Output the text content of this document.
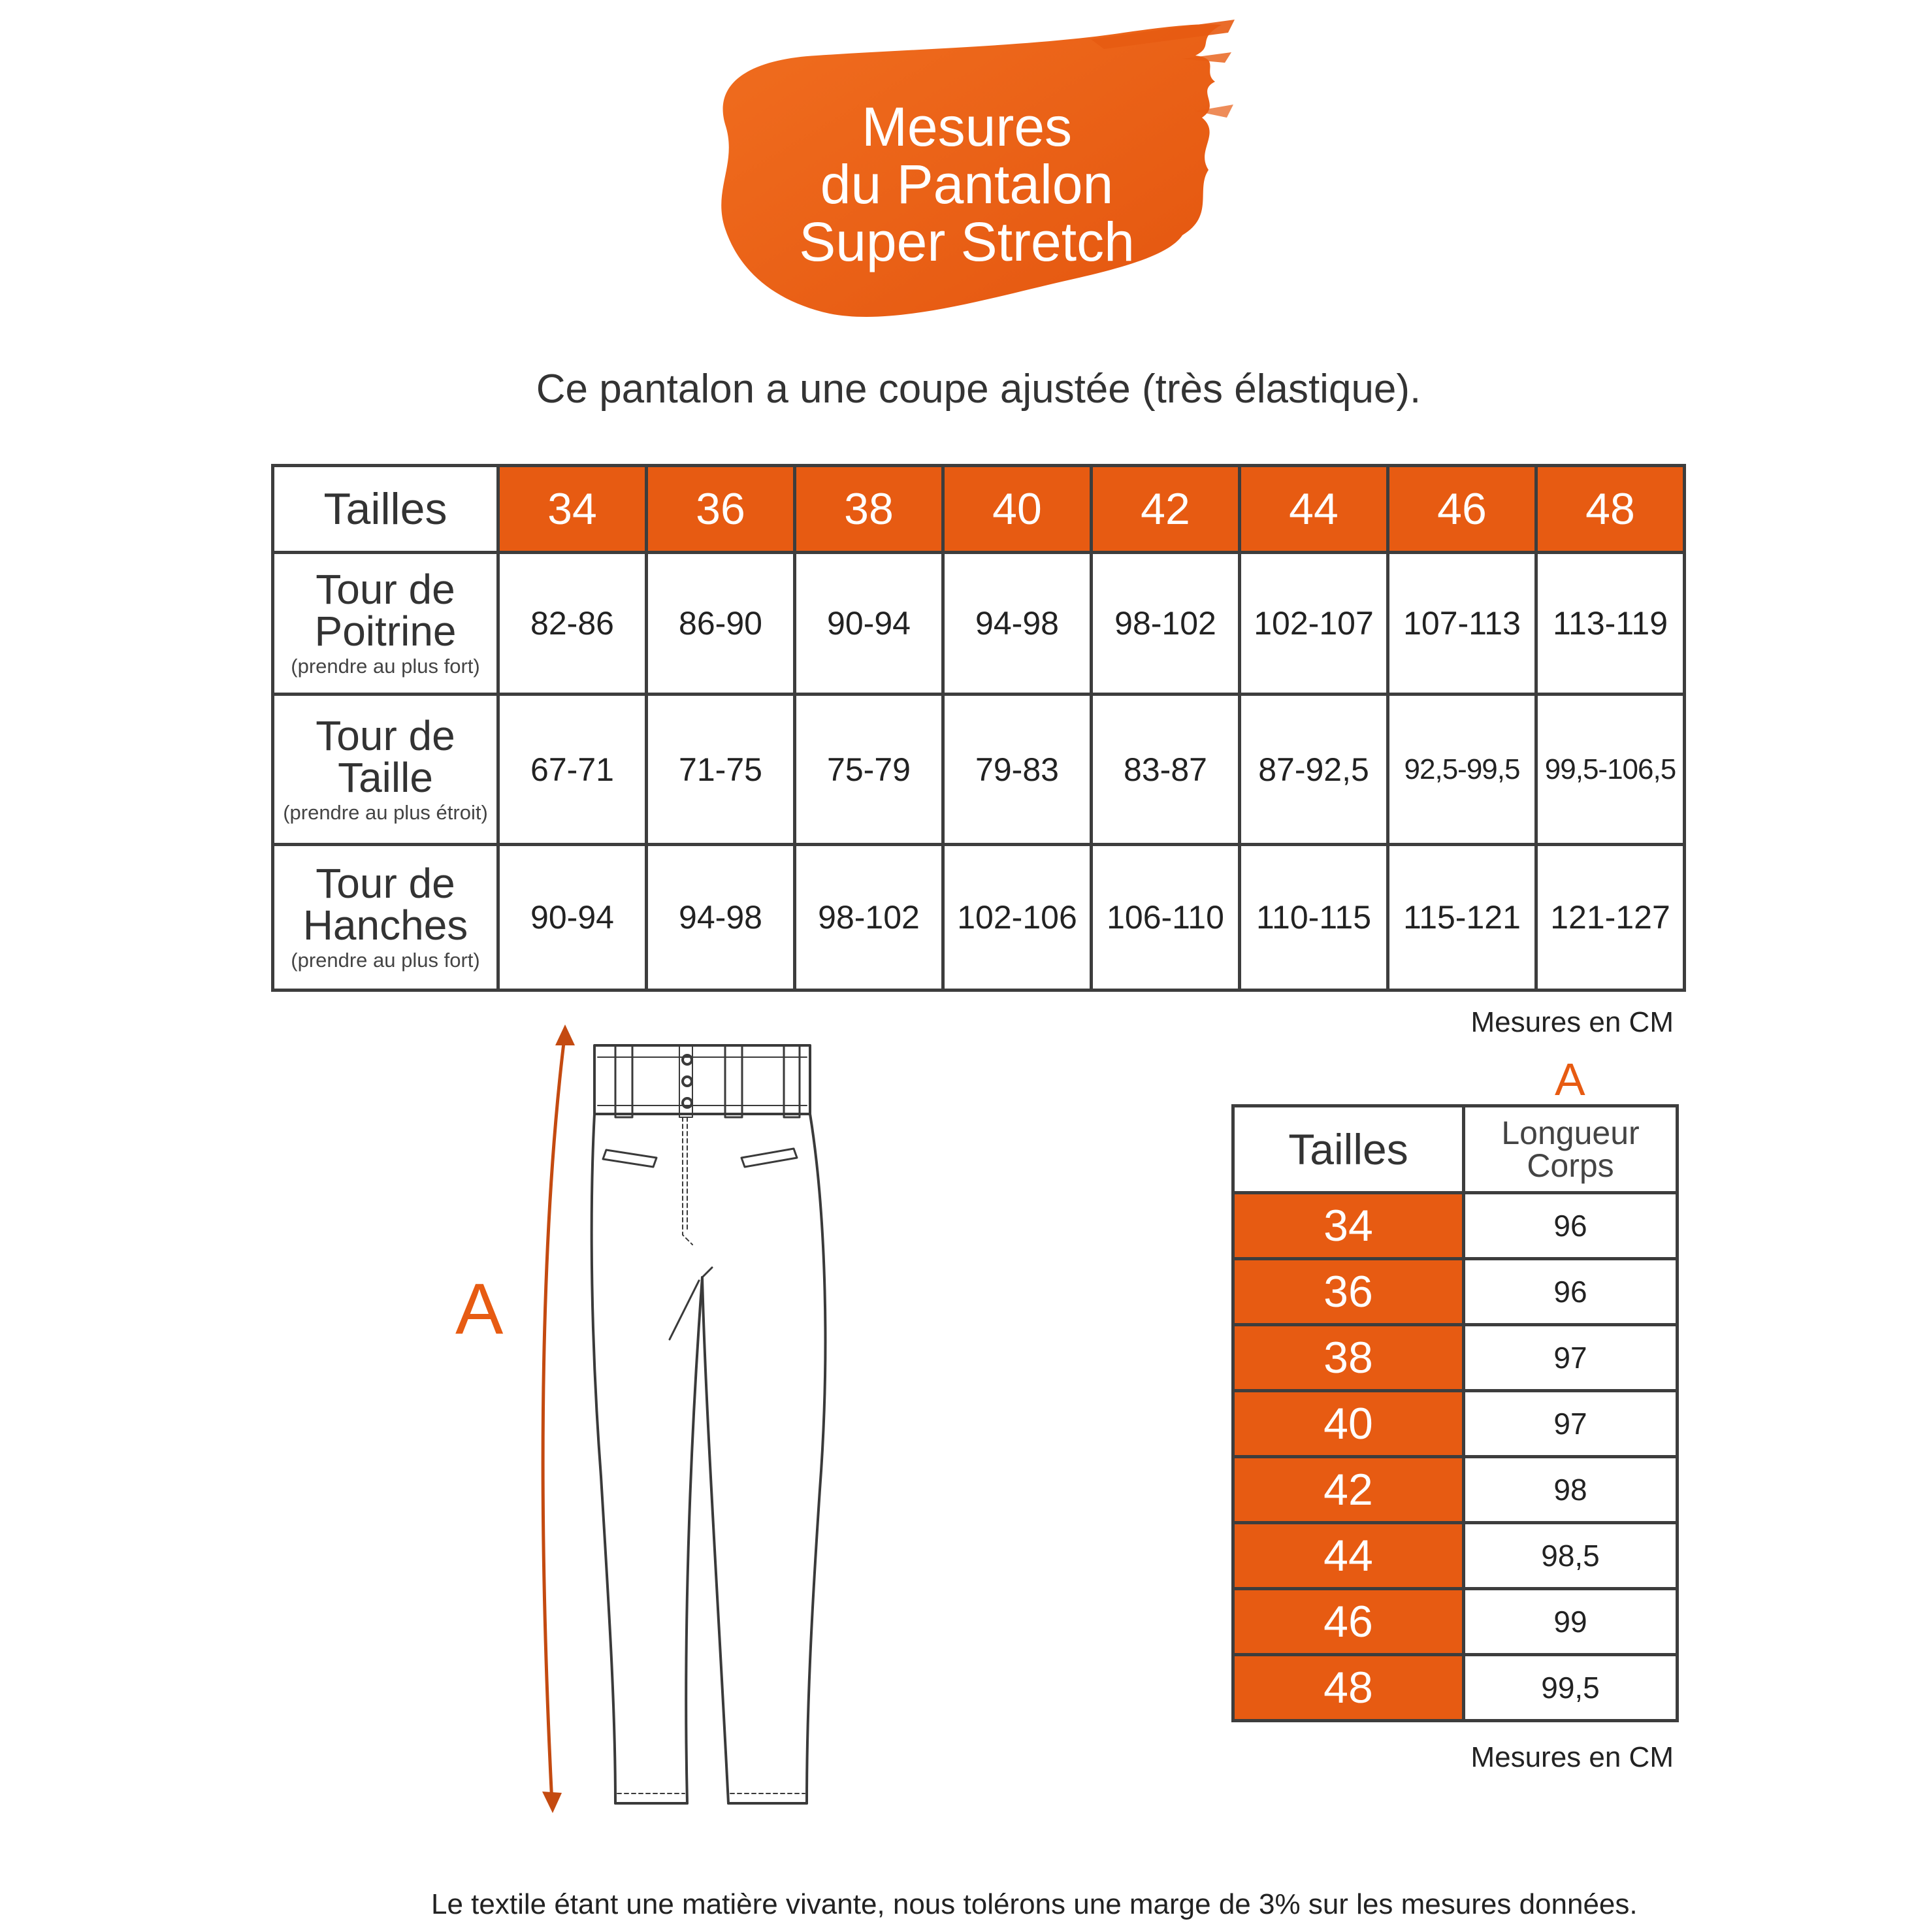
Mesures
du Pantalon
Super Stretch
Ce pantalon a une coupe ajustée (très élastique).
Tailles	34	36	38	40	42	44	46	48

Tour de
Poitrine
(prendre au plus fort)	82-86	86-90	90-94	94-98	98-102	102-107	107-113	113-119

Tour de
Taille
(prendre au plus étroit)	67-71	71-75	75-79	79-83	83-87	87-92,5	92,5-99,5	99,5-106,5

Tour de
Hanches
(prendre au plus fort)	90-94	94-98	98-102	102-106	106-110	110-115	115-121	121-127
Mesures en CM
A
A
Tailles	Longueur
Corps

34	96
36	96
38	97
40	97
42	98
44	98,5
46	99
48	99,5
Mesures en CM
Le textile étant une matière vivante, nous tolérons une marge de 3% sur les mesures données.
